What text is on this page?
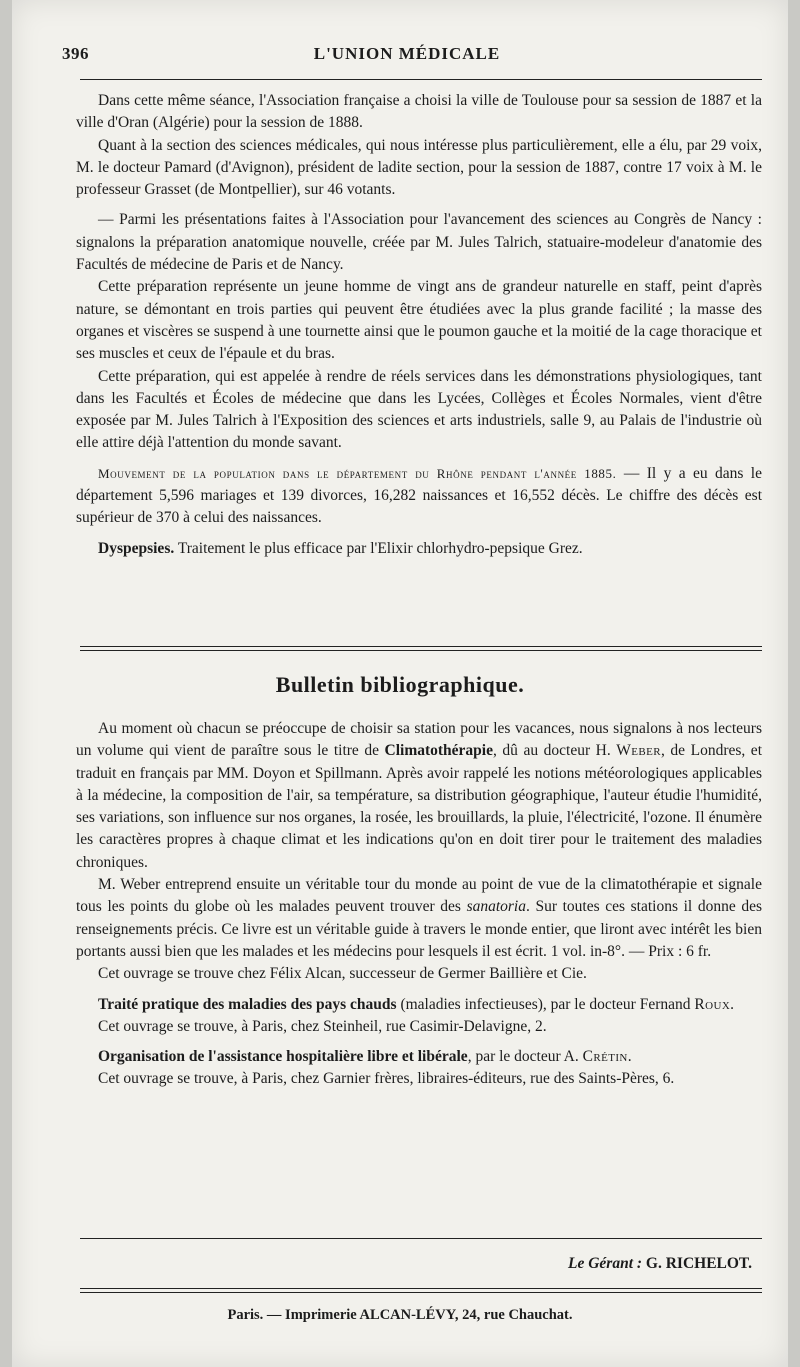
396	L'UNION MÉDICALE

Dans cette même séance, l'Association française a choisi la ville de Toulouse pour sa session de 1887 et la ville d'Oran (Algérie) pour la session de 1888.

Quant à la section des sciences médicales, qui nous intéresse plus particulièrement, elle a élu, par 29 voix, M. le docteur Pamard (d'Avignon), président de ladite section, pour la session de 1887, contre 17 voix à M. le professeur Grasset (de Montpellier), sur 46 votants.

— Parmi les présentations faites à l'Association pour l'avancement des sciences au Congrès de Nancy : signalons la préparation anatomique nouvelle, créée par M. Jules Talrich, statuaire-modeleur d'anatomie des Facultés de médecine de Paris et de Nancy.

Cette préparation représente un jeune homme de vingt ans de grandeur naturelle en staff, peint d'après nature, se démontant en trois parties qui peuvent être étudiées avec la plus grande facilité ; la masse des organes et viscères se suspend à une tournette ainsi que le poumon gauche et la moitié de la cage thoracique et ses muscles et ceux de l'épaule et du bras.

Cette préparation, qui est appelée à rendre de réels services dans les démonstrations physiologiques, tant dans les Facultés et Écoles de médecine que dans les Lycées, Collèges et Écoles Normales, vient d'être exposée par M. Jules Talrich à l'Exposition des sciences et arts industriels, salle 9, au Palais de l'industrie où elle attire déjà l'attention du monde savant.

Mouvement de la population dans le département du Rhône pendant l'année 1885. — Il y a eu dans le département 5,596 mariages et 139 divorces, 16,282 naissances et 16,552 décès. Le chiffre des décès est supérieur de 370 à celui des naissances.

Dyspepsies. Traitement le plus efficace par l'Elixir chlorhydro-pepsique Grez.

Bulletin bibliographique.

Au moment où chacun se préoccupe de choisir sa station pour les vacances, nous signalons à nos lecteurs un volume qui vient de paraître sous le titre de Climatothérapie, dû au docteur H. Weber, de Londres, et traduit en français par MM. Doyon et Spillmann. Après avoir rappelé les notions météorologiques applicables à la médecine, la composition de l'air, sa température, sa distribution géographique, l'auteur étudie l'humidité, ses variations, son influence sur nos organes, la rosée, les brouillards, la pluie, l'électricité, l'ozone. Il énumère les caractères propres à chaque climat et les indications qu'on en doit tirer pour le traitement des maladies chroniques.

M. Weber entreprend ensuite un véritable tour du monde au point de vue de la climatothérapie et signale tous les points du globe où les malades peuvent trouver des sanatoria. Sur toutes ces stations il donne des renseignements précis. Ce livre est un véritable guide à travers le monde entier, que liront avec intérêt les bien portants aussi bien que les malades et les médecins pour lesquels il est écrit. 1 vol. in-8°. — Prix : 6 fr.

Cet ouvrage se trouve chez Félix Alcan, successeur de Germer Baillière et Cie.

Traité pratique des maladies des pays chauds (maladies infectieuses), par le docteur Fernand Roux.

Cet ouvrage se trouve, à Paris, chez Steinheil, rue Casimir-Delavigne, 2.

Organisation de l'assistance hospitalière libre et libérale, par le docteur A. Crétin.

Cet ouvrage se trouve, à Paris, chez Garnier frères, libraires-éditeurs, rue des Saints-Pères, 6.

Le Gérant : G. RICHELOT.
Paris. — Imprimerie ALCAN-LÉVY, 24, rue Chauchat.
